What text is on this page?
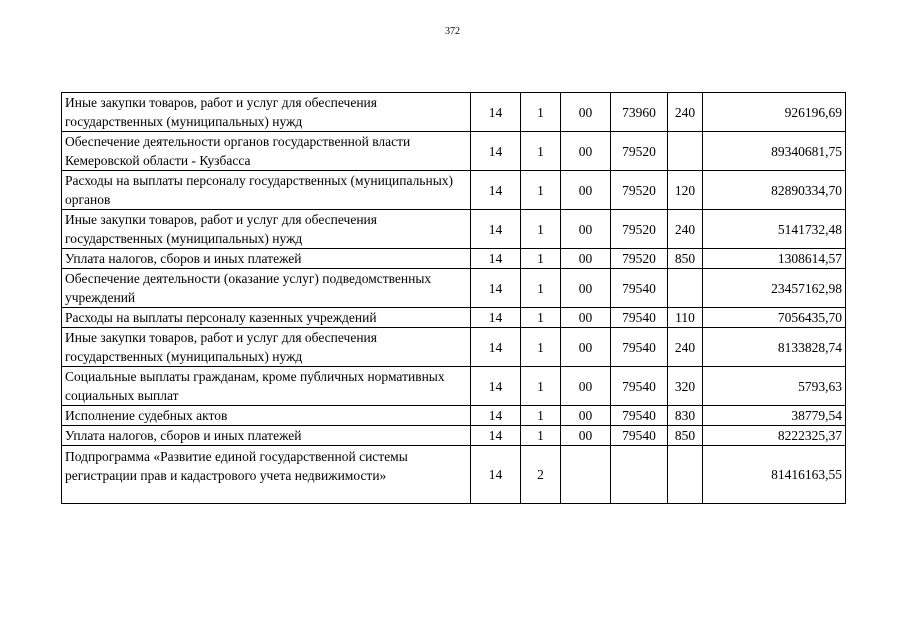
372
Иные закупки товаров, работ и услуг для обеспечения государственных (муниципальных) нужд	14	1	00	73960	240	926196,69
Обеспечение деятельности органов государственной власти Кемеровской области - Кузбасса	14	1	00	79520		89340681,75
Расходы на выплаты персоналу государственных (муниципальных) органов	14	1	00	79520	120	82890334,70
Иные закупки товаров, работ и услуг для обеспечения государственных (муниципальных) нужд	14	1	00	79520	240	5141732,48
Уплата налогов, сборов и иных платежей	14	1	00	79520	850	1308614,57
Обеспечение деятельности (оказание услуг) подведомственных учреждений	14	1	00	79540		23457162,98
Расходы на выплаты персоналу казенных учреждений	14	1	00	79540	110	7056435,70
Иные закупки товаров, работ и услуг для обеспечения государственных (муниципальных) нужд	14	1	00	79540	240	8133828,74
Социальные выплаты гражданам, кроме публичных нормативных социальных выплат	14	1	00	79540	320	5793,63
Исполнение судебных актов	14	1	00	79540	830	38779,54
Уплата налогов, сборов и иных платежей	14	1	00	79540	850	8222325,37
Подпрограмма «Развитие единой государственной системы регистрации прав и кадастрового учета недвижимости»	14	2				81416163,55
